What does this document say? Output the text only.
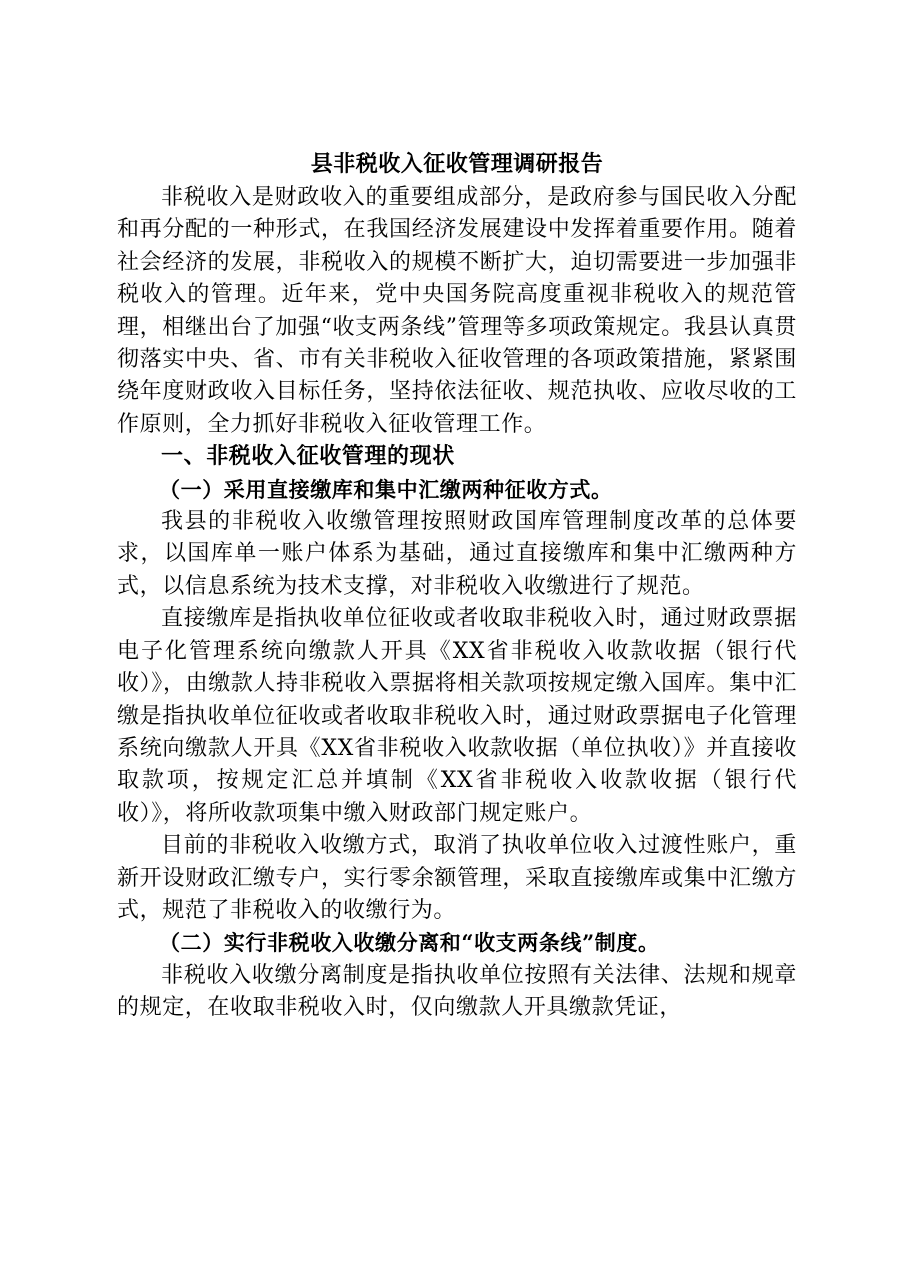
县非税收入征收管理调研报告

非税收入是财政收入的重要组成部分，是政府参与国民收入分配和再分配的一种形式，在我国经济发展建设中发挥着重要作用。随着社会经济的发展，非税收入的规模不断扩大，迫切需要进一步加强非税收入的管理。近年来，党中央国务院高度重视非税收入的规范管理，相继出台了加强“收支两条线”管理等多项政策规定。我县认真贯彻落实中央、省、市有关非税收入征收管理的各项政策措施，紧紧围绕年度财政收入目标任务，坚持依法征收、规范执收、应收尽收的工作原则，全力抓好非税收入征收管理工作。

一、非税收入征收管理的现状
（一）采用直接缴库和集中汇缴两种征收方式。

我县的非税收入收缴管理按照财政国库管理制度改革的总体要求，以国库单一账户体系为基础，通过直接缴库和集中汇缴两种方式，以信息系统为技术支撑，对非税收入收缴进行了规范。

直接缴库是指执收单位征收或者收取非税收入时，通过财政票据电子化管理系统向缴款人开具《XX省非税收入收款收据（银行代收）》，由缴款人持非税收入票据将相关款项按规定缴入国库。集中汇缴是指执收单位征收或者收取非税收入时，通过财政票据电子化管理系统向缴款人开具《XX省非税收入收款收据（单位执收）》并直接收取款项，按规定汇总并填制《XX省非税收入收款收据（银行代收）》，将所收款项集中缴入财政部门规定账户。

目前的非税收入收缴方式，取消了执收单位收入过渡性账户，重新开设财政汇缴专户，实行零余额管理，采取直接缴库或集中汇缴方式，规范了非税收入的收缴行为。

（二）实行非税收入收缴分离和“收支两条线”制度。

非税收入收缴分离制度是指执收单位按照有关法律、法规和规章的规定，在收取非税收入时，仅向缴款人开具缴款凭证，
